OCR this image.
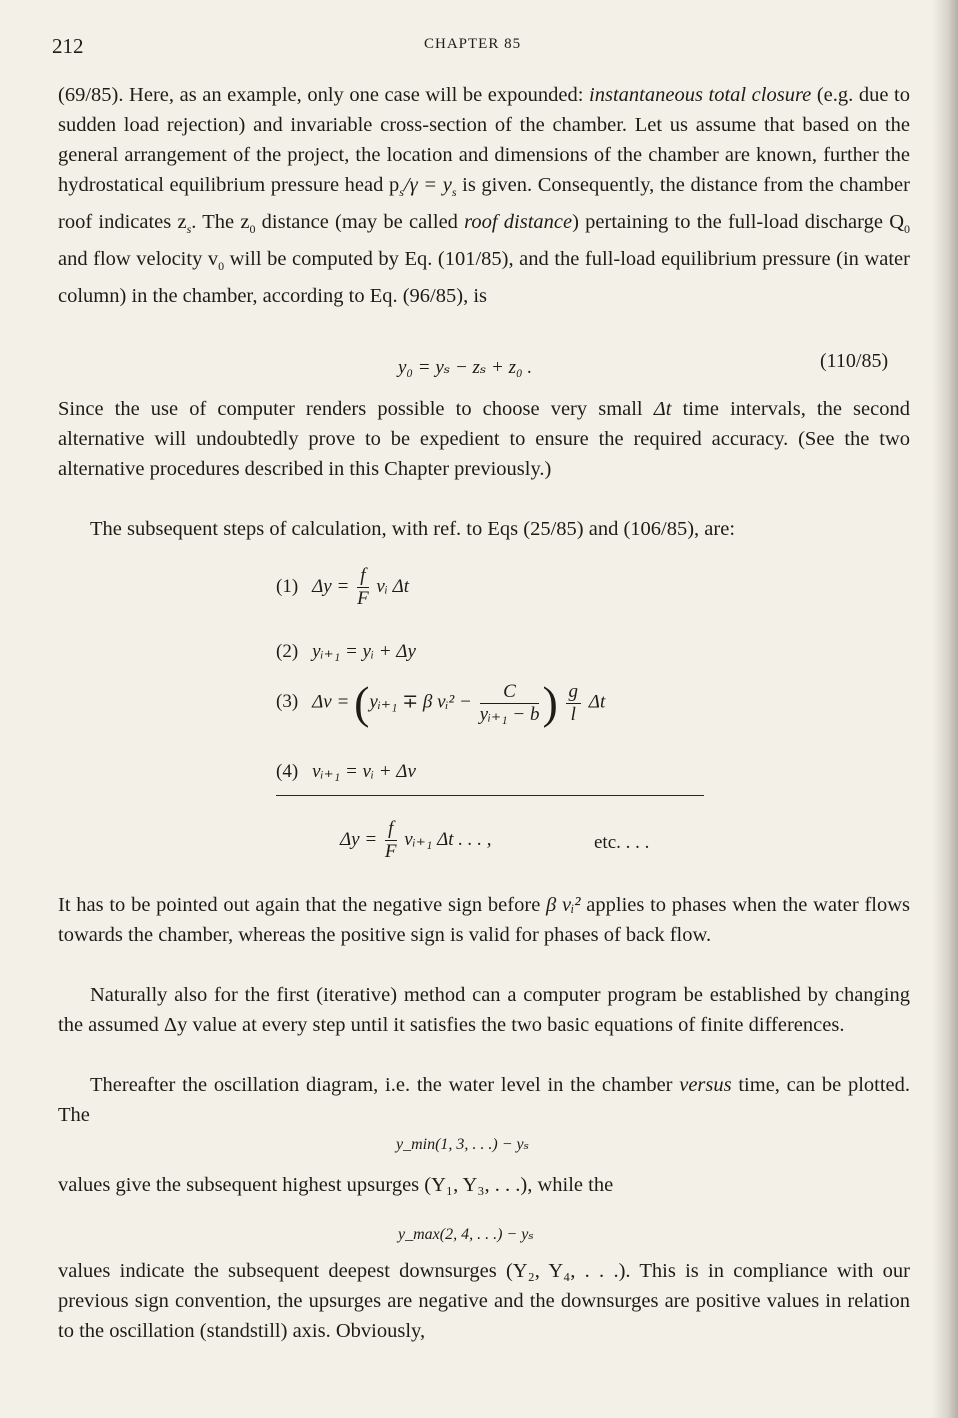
212	CHAPTER 85

(69/85). Here, as an example, only one case will be expounded: instantaneous total closure (e.g. due to sudden load rejection) and invariable cross-section of the chamber. Let us assume that based on the general arrangement of the project, the location and dimensions of the chamber are known, further the hydrostatical equilibrium pressure head $p_s/\gamma = y_s$ is given. Consequently, the distance from the chamber roof indicates $z_s$. The $z_0$ distance (may be called roof distance) pertaining to the full-load discharge $Q_0$ and flow velocity $v_0$ will be computed by Eq. (101/85), and the full-load equilibrium pressure (in water column) in the chamber, according to Eq. (96/85), is

y₀ = yₛ − zₛ + z₀ .	(110/85)

Since the use of computer renders possible to choose very small Δt time intervals, the second alternative will undoubtedly prove to be expedient to ensure the required accuracy. (See the two alternative procedures described in this Chapter previously.)

The subsequent steps of calculation, with ref. to Eqs (25/85) and (106/85), are:

(1) $\Delta y = \frac{f}{F}$ vᵢ Δt
(2) yᵢ₊₁ = yᵢ + Δy
(3) Δv = (yᵢ₊₁ ∓ β vᵢ² − $\frac{C}{\text{yᵢ₊₁ − b}}$ ) $\frac{g}{l}$ Δt
(4) vᵢ₊₁ = vᵢ + Δv
$\Delta y = \frac{f}{F}$ vᵢ₊₁ Δt . . . ,	etc. . . .

It has to be pointed out again that the negative sign before β vᵢ² applies to phases when the water flows towards the chamber, whereas the positive sign is valid for phases of back flow.

Naturally also for the first (iterative) method can a computer program be established by changing the assumed Δy value at every step until it satisfies the two basic equations of finite differences.

Thereafter the oscillation diagram, i.e. the water level in the chamber versus time, can be plotted. The

y_min(1, 3, . . .) − yₛ

values give the subsequent highest upsurges (Y₁, Y₃, . . .), while the

y_max(2, 4, . . .) − yₛ

values indicate the subsequent deepest downsurges (Y₂, Y₄, . . .). This is in compliance with our previous sign convention, the upsurges are negative and the downsurges are positive values in relation to the oscillation (standstill) axis. Obviously,
